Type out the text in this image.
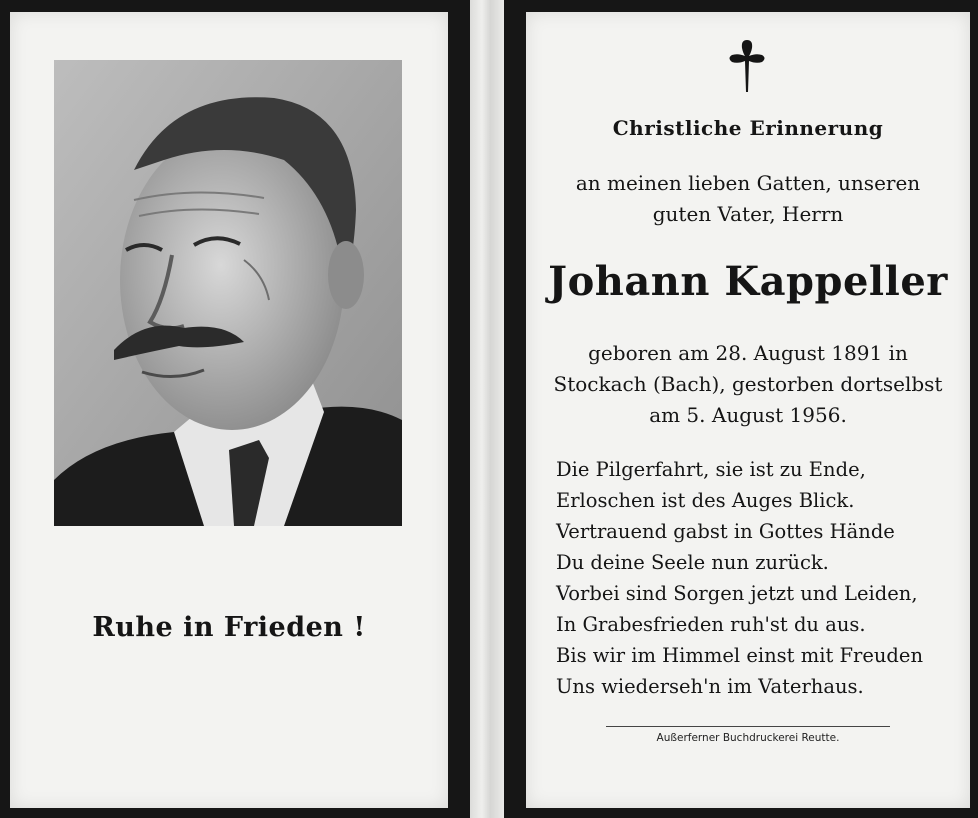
Ruhe in Frieden !
Christliche Erinnerung
an meinen lieben Gatten, unseren
guten Vater, Herrn
Johann Kappeller
geboren am 28. August 1891 in
Stockach (Bach), gestorben dortselbst
am 5. August 1956.
Die Pilgerfahrt, sie ist zu Ende,
Erloschen ist des Auges Blick.
Vertrauend gabst in Gottes Hände
Du deine Seele nun zurück.
Vorbei sind Sorgen jetzt und Leiden,
In Grabesfrieden ruh'st du aus.
Bis wir im Himmel einst mit Freuden
Uns wiederseh'n im Vaterhaus.
Außerferner Buchdruckerei Reutte.
